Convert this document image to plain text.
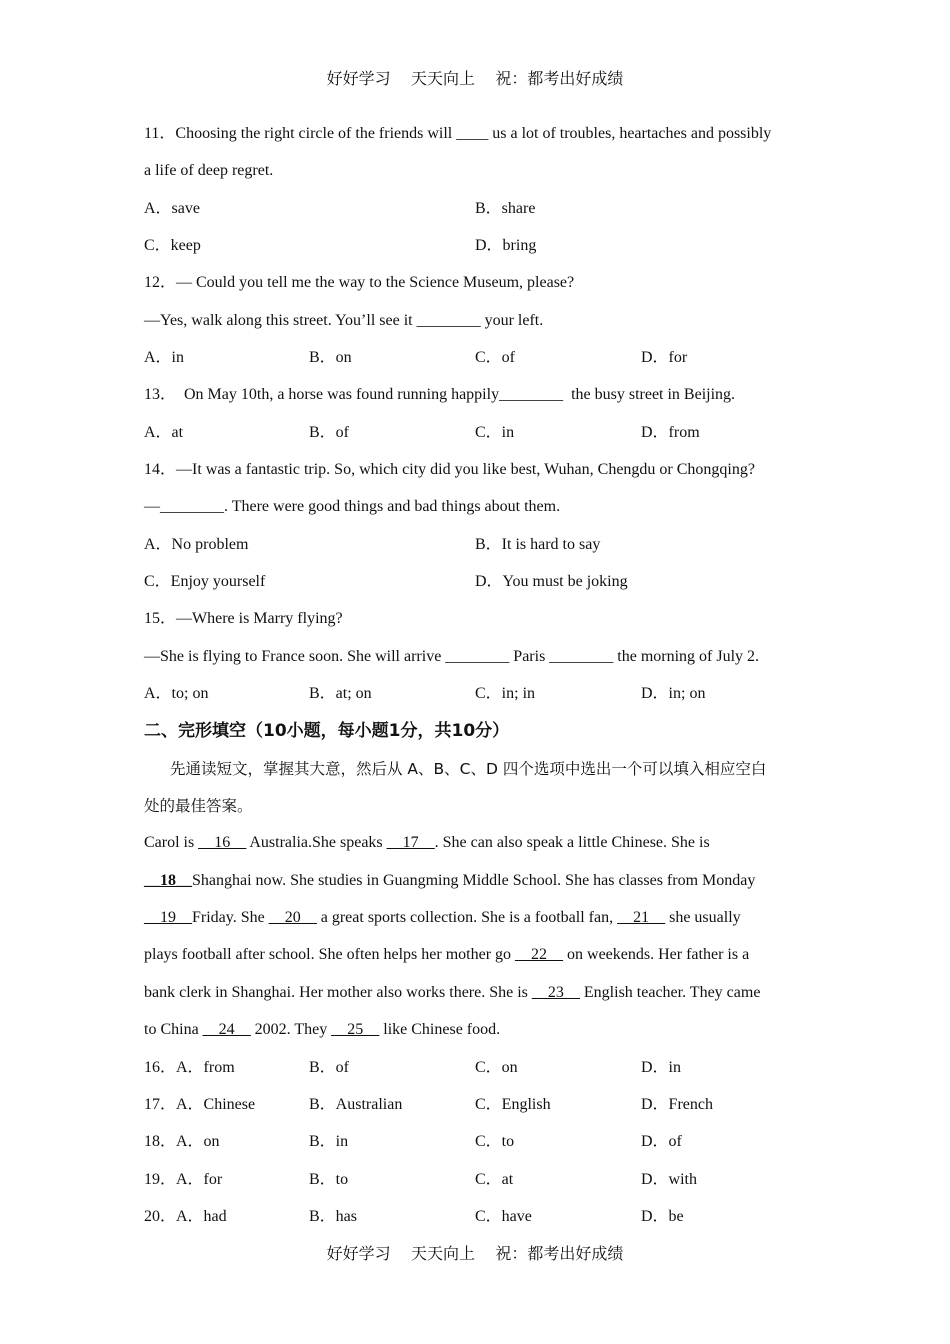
好好学习    天天向上    祝：都考出好成绩
11．Choosing the right circle of the friends will ____ us a lot of troubles, heartaches and possibly
a life of deep regret.
A．save	B．share
C．keep	D．bring
12．— Could you tell me the way to the Science Museum, please?
—Yes, walk along this street. You’ll see it ________ your left.
A．in	B．on	C．of	D．for
13．  On May 10th, a horse was found running happily________  the busy street in Beijing.
A．at	B．of	C．in	D．from
14．—It was a fantastic trip. So, which city did you like best, Wuhan, Chengdu or Chongqing?
—________. There were good things and bad things about them.
A．No problem	B．It is hard to say
C．Enjoy yourself	D．You must be joking
15．—Where is Marry flying?
—She is flying to France soon. She will arrive ________ Paris ________ the morning of July 2.
A．to; on	B．at; on	C．in; in	D．in; on
二、完形填空（10小题，每小题1分，共10分）
先通读短文，掌握其大意，然后从 A、B、C、D 四个选项中选出一个可以填入相应空白
处的最佳答案。
Carol is __16__ Australia.She speaks __17__. She can also speak a little Chinese. She is
__18__Shanghai now. She studies in Guangming Middle School. She has classes from Monday
__19__Friday. She __20__ a great sports collection. She is a football fan, __21__ she usually
plays football after school. She often helps her mother go __22__ on weekends. Her father is a
bank clerk in Shanghai. Her mother also works there. She is __23__ English teacher. They came
to China __24__ 2002. They __25__ like Chinese food.
16．A．from	B．of	C．on	D．in
17．A．Chinese	B．Australian	C．English	D．French
18．A．on	B．in	C．to	D．of
19．A．for	B．to	C．at	D．with
20．A．had	B．has	C．have	D．be
好好学习    天天向上    祝：都考出好成绩
